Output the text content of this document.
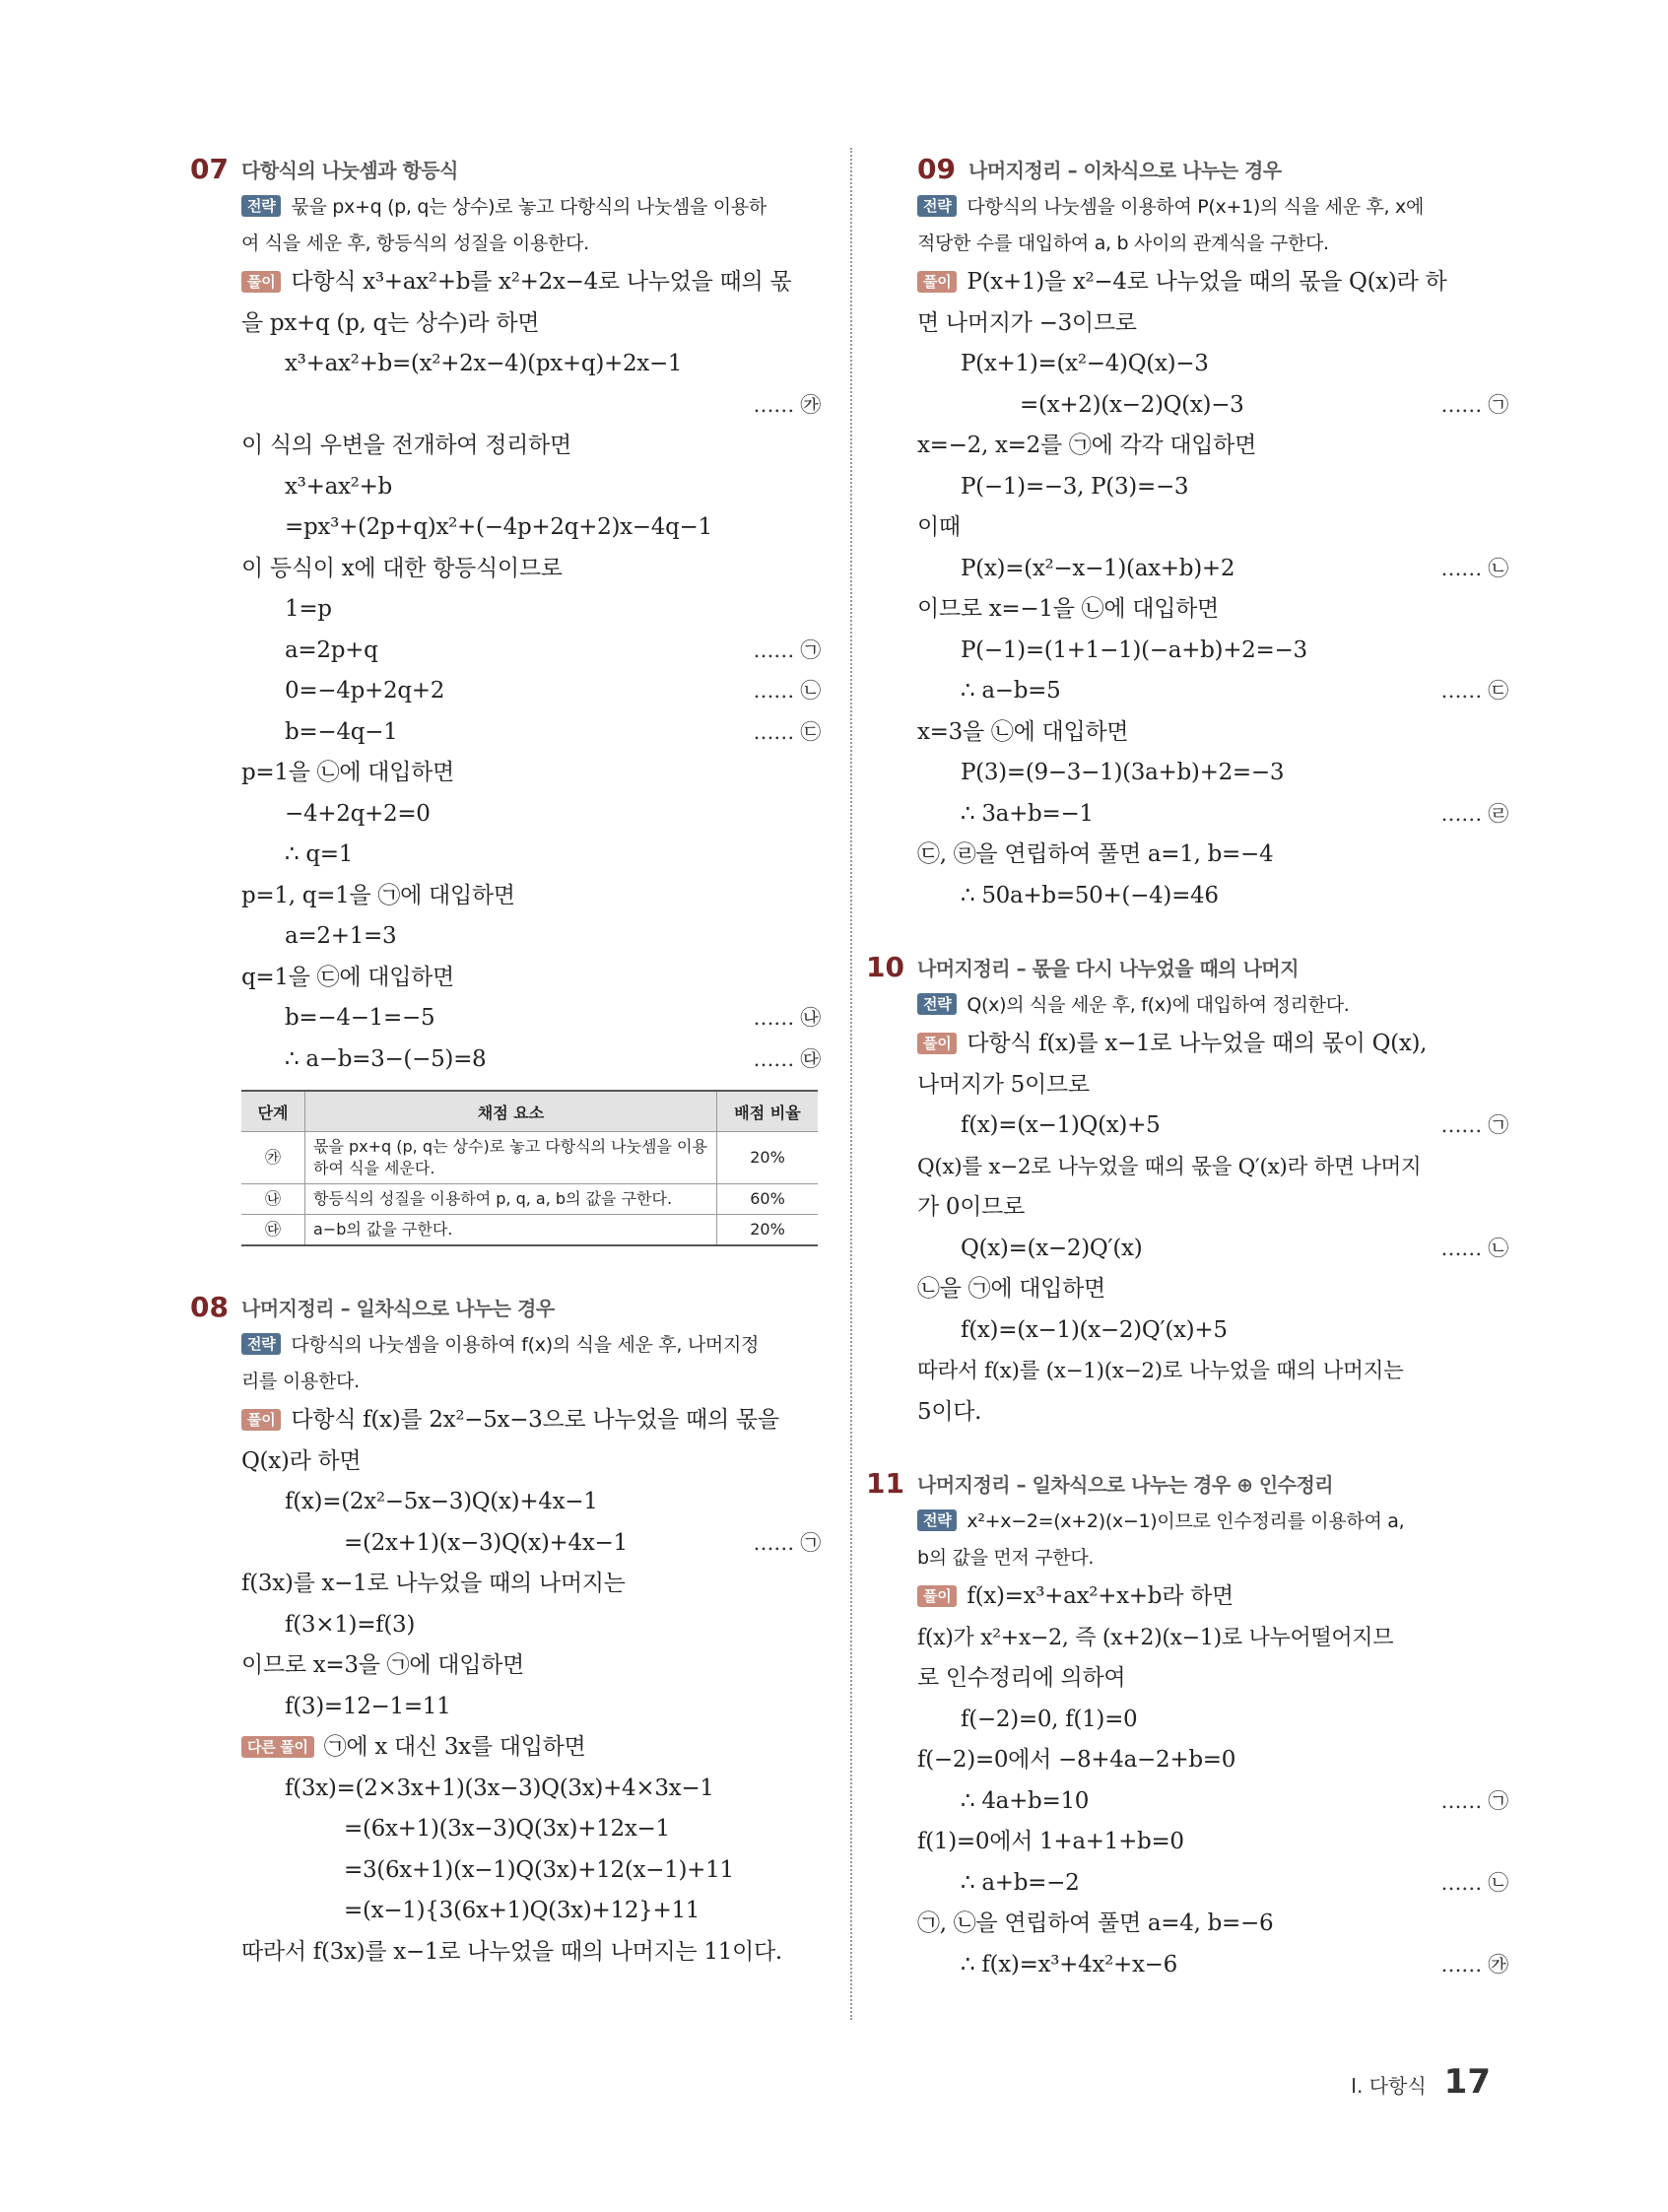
07 다항식의 나눗셈과 항등식
전략 묷을 px+q (p, q는 상수)로 놓고 다항식의 나눗셈을 이용하
여 식을 세운 후, 항등식의 성질을 이용한다.
풀이 다항식 x³+ax²+b를 x²+2x−4로 나누었을 때의 몫
을 px+q (p, q는 상수)라 하면
x³+ax²+b=(x²+2x−4)(px+q)+2x−1
…… ㉮

이 식의 우변을 전개하여 정리하면
x³+ax²+b
=px³+(2p+q)x²+(−4p+2q+2)x−4q−1
이 등식이 x에 대한 항등식이므로
1=p
a=2p+q	…… ㉠
0=−4p+2q+2	…… ㉡
b=−4q−1	…… ㉢
p=1을 ㉡에 대입하면
−4+2q+2=0
∴ q=1
p=1, q=1을 ㉠에 대입하면
a=2+1=3
q=1을 ㉢에 대입하면
b=−4−1=−5	…… ㉯
∴ a−b=3−(−5)=8	…… ㉰
단계	채점 요소	배점 비율
㉮	몫을 px+q (p, q는 상수)로 놓고 다항식의 나눗셈을 이용하여 식을 세운다.	20%
㉯	항등식의 성질을 이용하여 p, q, a, b의 값을 구한다.	60%
㉰	a−b의 값을 구한다.	20%
08 나머지정리 – 일차식으로 나누는 경우
전략 다항식의 나눗셈을 이용하여 f(x)의 식을 세운 후, 나머지정
리를 이용한다.
풀이 다항식 f(x)를 2x²−5x−3으로 나누었을 때의 몫을
Q(x)라 하면
f(x)=(2x²−5x−3)Q(x)+4x−1
=(2x+1)(x−3)Q(x)+4x−1	…… ㉠
f(3x)를 x−1로 나누었을 때의 나머지는
f(3×1)=f(3)
이므로 x=3을 ㉠에 대입하면
f(3)=12−1=11
다른 풀이 ㉠에 x 대신 3x를 대입하면
f(3x)=(2×3x+1)(3x−3)Q(3x)+4×3x−1
=(6x+1)(3x−3)Q(3x)+12x−1
=3(6x+1)(x−1)Q(3x)+12(x−1)+11
=(x−1){3(6x+1)Q(3x)+12}+11
따라서 f(3x)를 x−1로 나누었을 때의 나머지는 11이다.
09 나머지정리 – 이차식으로 나누는 경우
전략 다항식의 나눗셈을 이용하여 P(x+1)의 식을 세운 후, x에
적당한 수를 대입하여 a, b 사이의 관계식을 구한다.
풀이 P(x+1)을 x²−4로 나누었을 때의 몫을 Q(x)라 하
면 나머지가 −3이므로
P(x+1)=(x²−4)Q(x)−3
=(x+2)(x−2)Q(x)−3	…… ㉠
x=−2, x=2를 ㉠에 각각 대입하면
P(−1)=−3, P(3)=−3
이때
P(x)=(x²−x−1)(ax+b)+2	…… ㉡
이므로 x=−1을 ㉡에 대입하면
P(−1)=(1+1−1)(−a+b)+2=−3
∴ a−b=5	…… ㉢
x=3을 ㉡에 대입하면
P(3)=(9−3−1)(3a+b)+2=−3
∴ 3a+b=−1	…… ㉣
㉢, ㉣을 연립하여 풀면 a=1, b=−4
∴ 50a+b=50+(−4)=46
10 나머지정리 – 몫을 다시 나누었을 때의 나머지
전략 Q(x)의 식을 세운 후, f(x)에 대입하여 정리한다.
풀이 다항식 f(x)를 x−1로 나누었을 때의 몫이 Q(x),
나머지가 5이므로
f(x)=(x−1)Q(x)+5	…… ㉠
Q(x)를 x−2로 나누었을 때의 몫을 Q′(x)라 하면 나머지
가 0이므로
Q(x)=(x−2)Q′(x)	…… ㉡
㉡을 ㉠에 대입하면
f(x)=(x−1)(x−2)Q′(x)+5
따라서 f(x)를 (x−1)(x−2)로 나누었을 때의 나머지는
5이다.
11 나머지정리 – 일차식으로 나누는 경우 ⊕ 인수정리
전략 x²+x−2=(x+2)(x−1)이므로 인수정리를 이용하여 a,
b의 값을 먼저 구한다.
풀이 f(x)=x³+ax²+x+b라 하면
f(x)가 x²+x−2, 즉 (x+2)(x−1)로 나누어떨어지므
로 인수정리에 의하여
f(−2)=0, f(1)=0
f(−2)=0에서 −8+4a−2+b=0
∴ 4a+b=10	…… ㉠
f(1)=0에서 1+a+1+b=0
∴ a+b=−2	…… ㉡
㉠, ㉡을 연립하여 풀면 a=4, b=−6
∴ f(x)=x³+4x²+x−6	…… ㉮
Ⅰ. 다항식 17
